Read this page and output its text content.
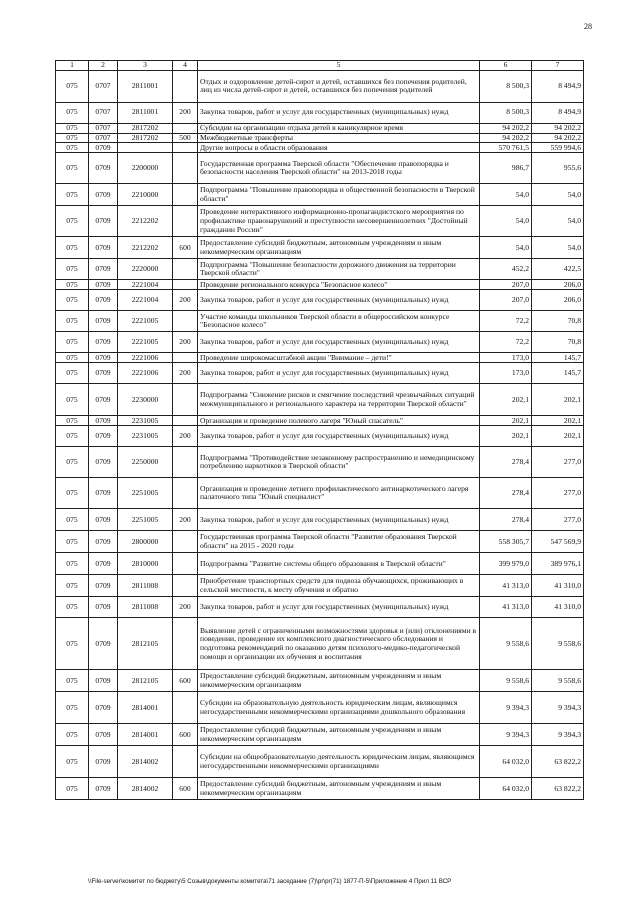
28
1	2	3	4	5	6	7
075	0707	2811001		Отдых и оздоровление детей-сирот и детей, оставшихся без попечения родителей, лиц из числа детей-сирот и детей, оставшихся без попечения родителей	8 500,3	8 494,9
075	0707	2811001	200	Закупка товаров, работ и услуг для государственных (муниципальных) нужд	8 500,3	8 494,9
075	0707	2817202		Субсидии на организацию отдыха детей в каникулярное время	94 202,2	94 202,2
075	0707	2817202	500	Межбюджетные трансферты	94 202,2	94 202,2
075	0709			Другие вопросы в области образования	570 761,5	559 994,6
075	0709	2200000		Государственная программа Тверской области "Обеспечение правопорядка и безопасности населения Тверской области" на 2013-2018 годы	986,7	955,6
075	0709	2210000		Подпрограмма "Повышение правопорядка и общественной безопасности в Тверской области"	54,0	54,0
075	0709	2212202		Проведение интерактивного информационно-пропагандистского мероприятия по профилактике правонарушений и преступности несовершеннолетних "Достойный гражданин России"	54,0	54,0
075	0709	2212202	600	Предоставление субсидий бюджетным, автономным учреждениям и иным некоммерческим организациям	54,0	54,0
075	0709	2220000		Подпрограмма "Повышение безопасности дорожного движения на территории Тверской области"	452,2	422,5
075	0709	2221004		Проведение регионального конкурса "Безопасное колесо"	207,0	206,0
075	0709	2221004	200	Закупка товаров, работ и услуг для государственных (муниципальных) нужд	207,0	206,0
075	0709	2221005		Участие команды школьников Тверской области в общероссийском конкурсе "Безопасное колесо"	72,2	70,8
075	0709	2221005	200	Закупка товаров, работ и услуг для государственных (муниципальных) нужд	72,2	70,8
075	0709	2221006		Проведение широкомасштабной акции "Внимание – дети!"	173,0	145,7
075	0709	2221006	200	Закупка товаров, работ и услуг для государственных (муниципальных) нужд	173,0	145,7
075	0709	2230000		Подпрограмма "Снижение рисков и смягчение последствий чрезвычайных ситуаций межмуниципального и регионального характера на территории Тверской области"	202,1	202,1
075	0709	2231005		Организация и проведение полевого лагеря "Юный спасатель"	202,1	202,1
075	0709	2231005	200	Закупка товаров, работ и услуг для государственных (муниципальных) нужд	202,1	202,1
075	0709	2250000		Подпрограмма "Противодействие незаконному распространению и немедицинскому потреблению наркотиков в Тверской области"	278,4	277,0
075	0709	2251005		Организация и проведение летнего профилактического антинаркотического лагеря палаточного типа "Юный специалист"	278,4	277,0
075	0709	2251005	200	Закупка товаров, работ и услуг для государственных (муниципальных) нужд	278,4	277,0
075	0709	2800000		Государственная программа Тверской области "Развитие образования Тверской области" на 2015 - 2020 годы	558 305,7	547 569,9
075	0709	2810000		Подпрограмма "Развитие системы общего образования в Тверской области"	399 979,0	389 976,1
075	0709	2811008		Приобретение транспортных средств для подвоза обучающихся, проживающих в сельской местности, к месту обучения и обратно	41 313,0	41 310,0
075	0709	2811008	200	Закупка товаров, работ и услуг для государственных (муниципальных) нужд	41 313,0	41 310,0
075	0709	2812105		Выявление детей с ограниченными возможностями здоровья и (или) отклонениями в поведении, проведение их комплексного диагностического обследования и подготовка рекомендаций по оказанию детям психолого-медико-педагогической помощи и организации их обучения и воспитания	9 558,6	9 558,6
075	0709	2812105	600	Предоставление субсидий бюджетным, автономным учреждениям и иным некоммерческим организациям	9 558,6	9 558,6
075	0709	2814001		Субсидии на образовательную деятельность юридическим лицам, являющимся негосударственными некоммерческими организациями дошкольного образования	9 394,3	9 394,3
075	0709	2814001	600	Предоставление субсидий бюджетным, автономным учреждениям и иным некоммерческим организациям	9 394,3	9 394,3
075	0709	2814002		Субсидии на общеобразовательную деятельность юридическим лицам, являющимся негосударственными некоммерческими организациями	64 032,0	63 822,2
075	0709	2814002	600	Предоставление субсидий бюджетным, автономным учреждениям и иным некоммерческим организациям	64 032,0	63 822,2
\\File-server\комитет по бюджету\5 Созыв\документы комитета\71 заседание (7)\pr\pr(71) 1877-П-5\Приложение 4 Прил 11 ВСР
